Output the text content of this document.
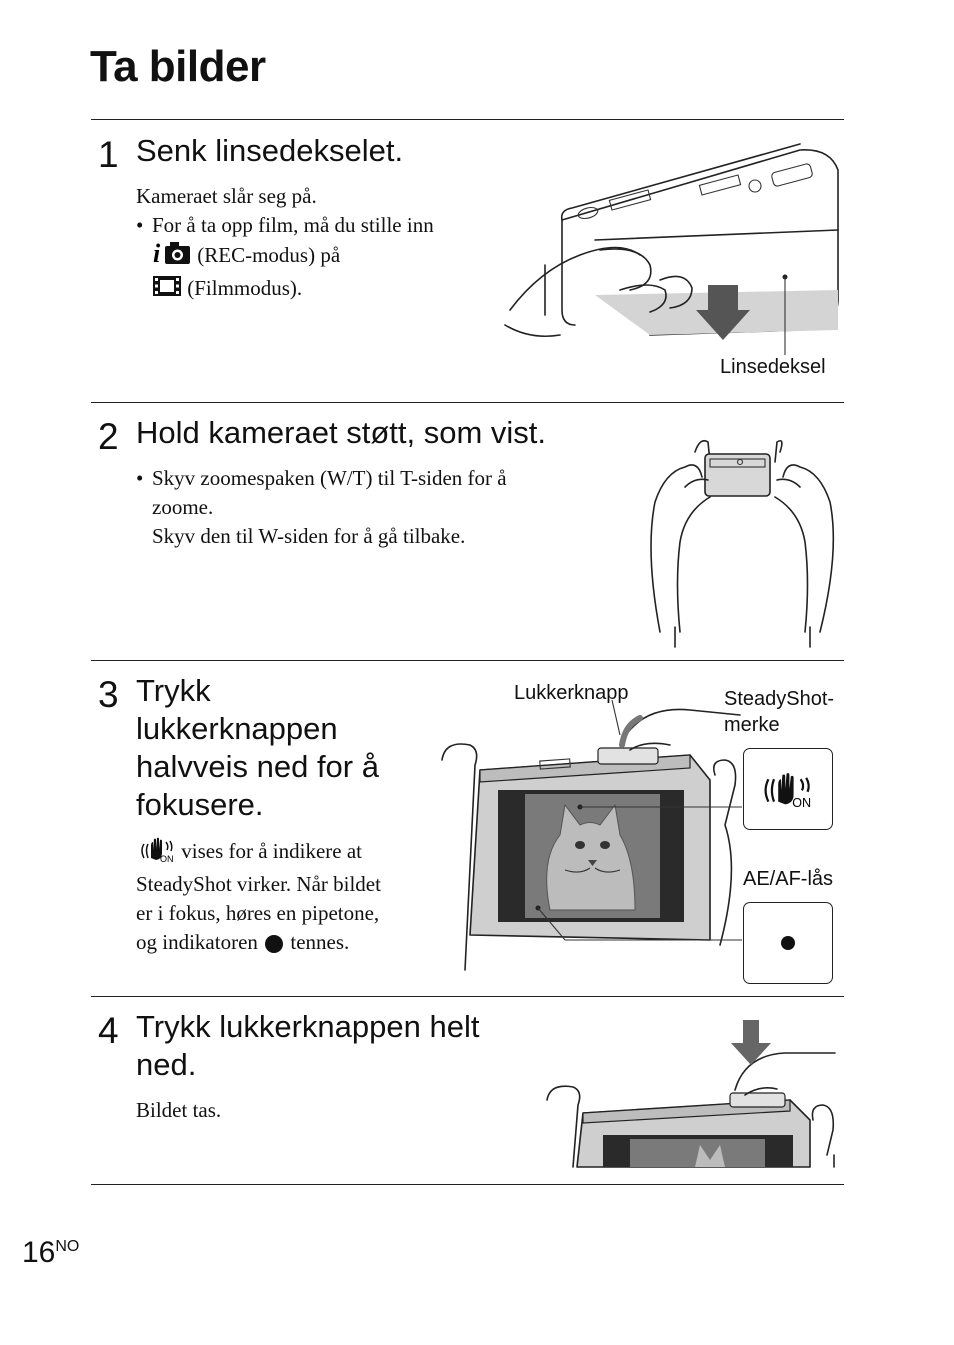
Ta bilder
1 Senk linsedekselet.
Kameraet slår seg på.
• For å ta opp film, må du stille inn

i (REC-modus) på
(Filmmodus).
Linsedeksel
2 Hold kameraet støtt, som vist.
• Skyv zoomespaken (W/T) til T-siden for å
zoome.
Skyv den til W-siden for å gå tilbake.
3 Trykk
lukkerknappen
halvveis ned for å
fokusere.
ON vises for å indikere at
SteadyShot virker. Når bildet
er i fokus, høres en pipetone,
og indikatoren tennes.
Lukkerknapp	SteadyShot-
merke
AE/AF-lås
ON
4 Trykk lukkerknappen helt
ned.
Bildet tas.
$16^{NO}$
